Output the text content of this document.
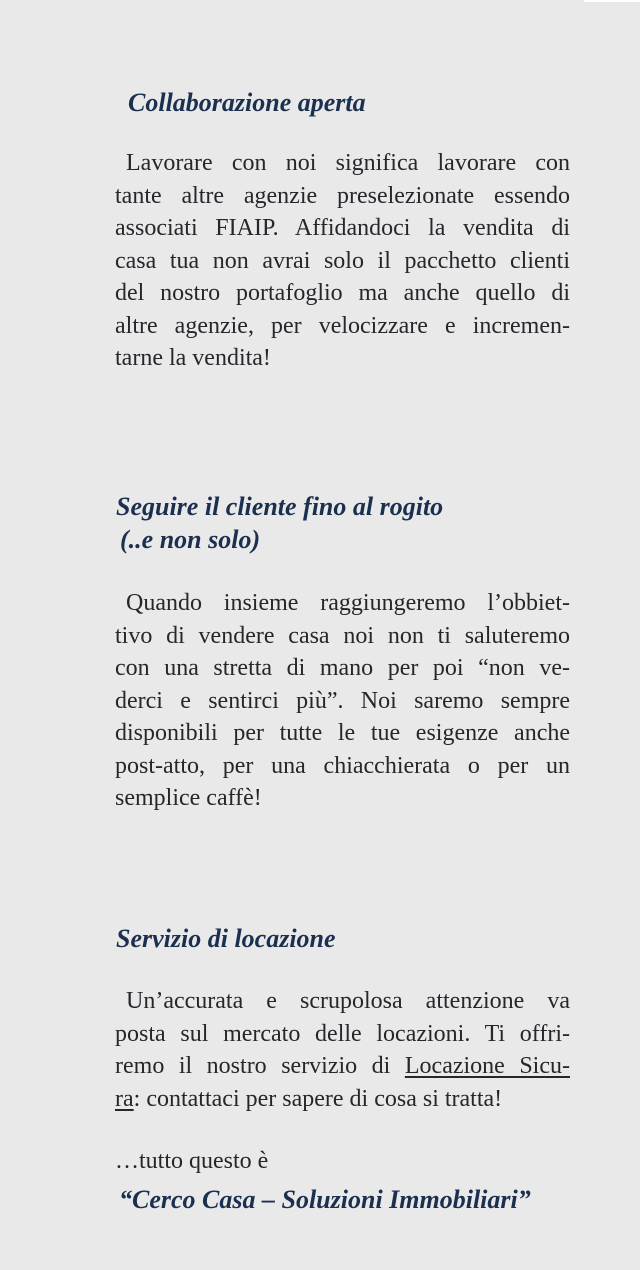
Collaborazione aperta

Lavorare con noi significa lavorare con
tante altre agenzie preselezionate essendo
associati FIAIP. Affidandoci la vendita di
casa tua non avrai solo il pacchetto clienti
del nostro portafoglio ma anche quello di
altre agenzie, per velocizzare e incremen-
tarne la vendita!

Seguire il cliente fino al rogito
(..e non solo)

Quando insieme raggiungeremo l’obbiet-
tivo di vendere casa noi non ti saluteremo
con una stretta di mano per poi “non ve-
derci e sentirci più”. Noi saremo sempre
disponibili per tutte le tue esigenze anche
post-atto, per una chiacchierata o per un
semplice caffè!

Servizio di locazione

Un’accurata e scrupolosa attenzione va
posta sul mercato delle locazioni. Ti offri-
remo il nostro servizio di Locazione Sicu-
ra: contattaci per sapere di cosa si tratta!

…tutto questo è

“Cerco Casa – Soluzioni Immobiliari”
